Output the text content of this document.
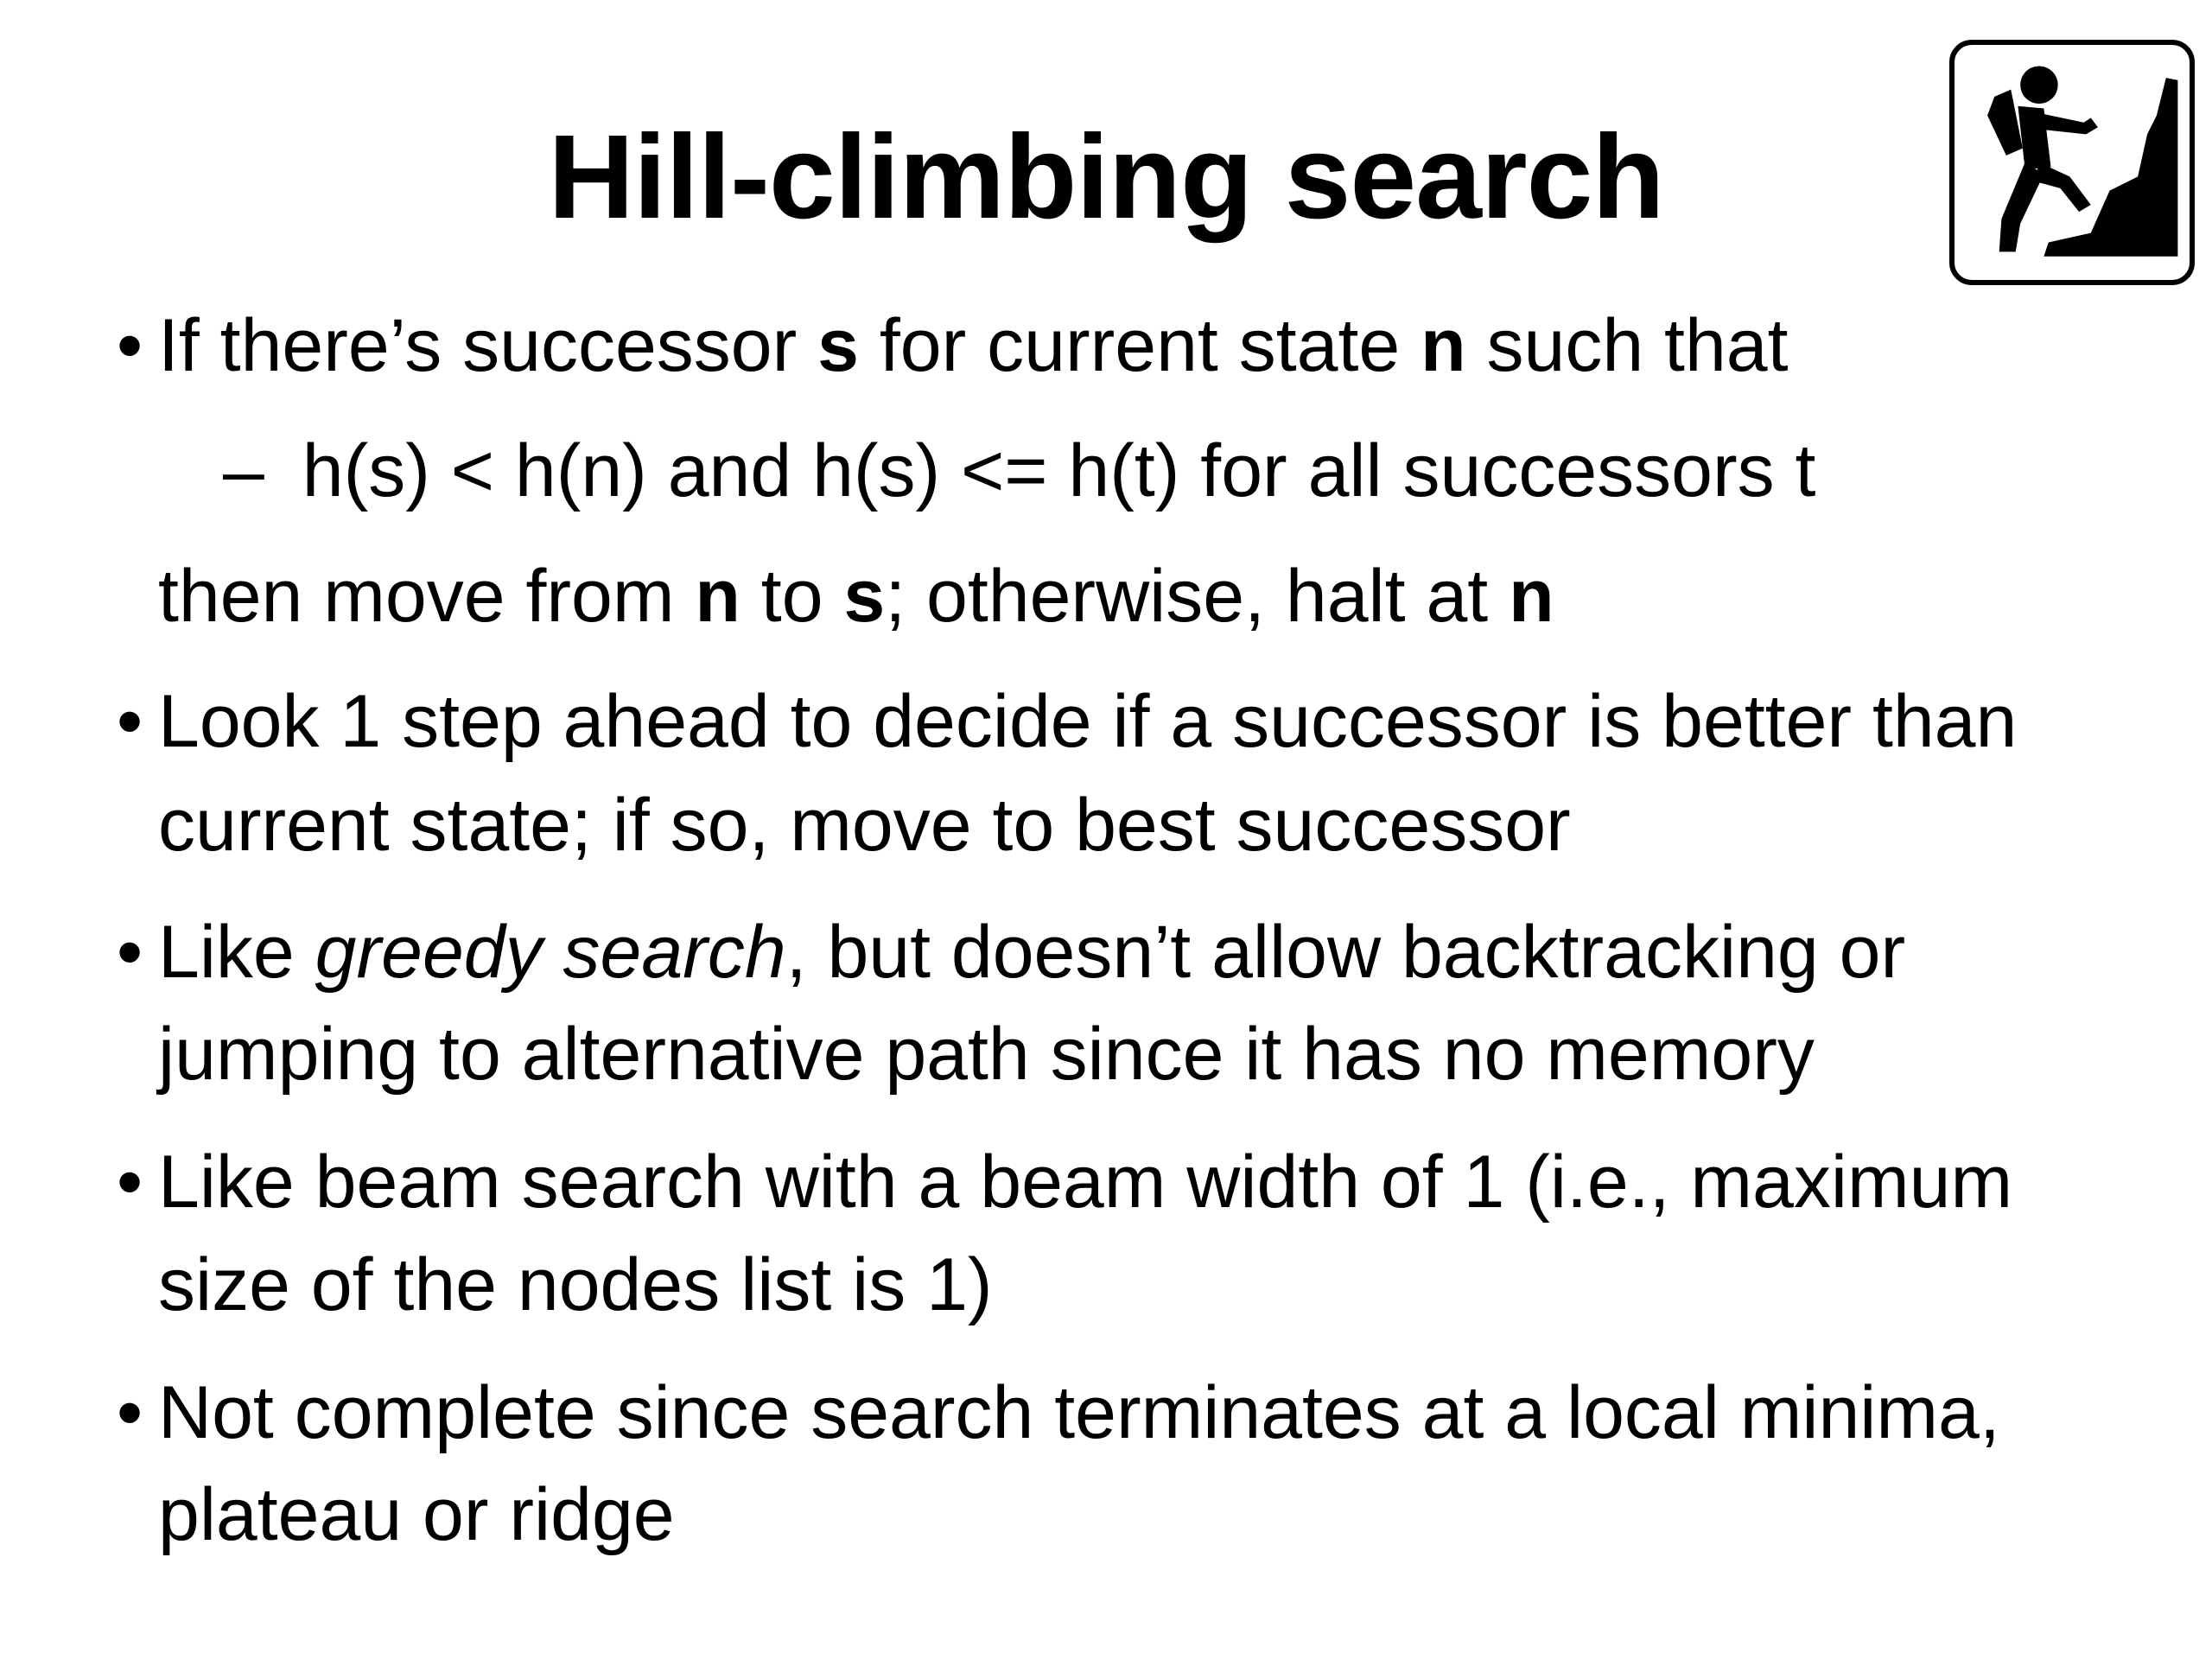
Hill-climbing search
• If there’s successor s for current state n such that
– h(s) < h(n) and h(s) <= h(t) for all successors t
then move from n to s; otherwise, halt at n
• Look 1 step ahead to decide if a successor is better than
current state; if so, move to best successor
• Like greedy search, but doesn’t allow backtracking or
jumping to alternative path since it has no memory
• Like beam search with a beam width of 1 (i.e., maximum
size of the nodes list is 1)
• Not complete since search terminates at a local minima,
plateau or ridge
